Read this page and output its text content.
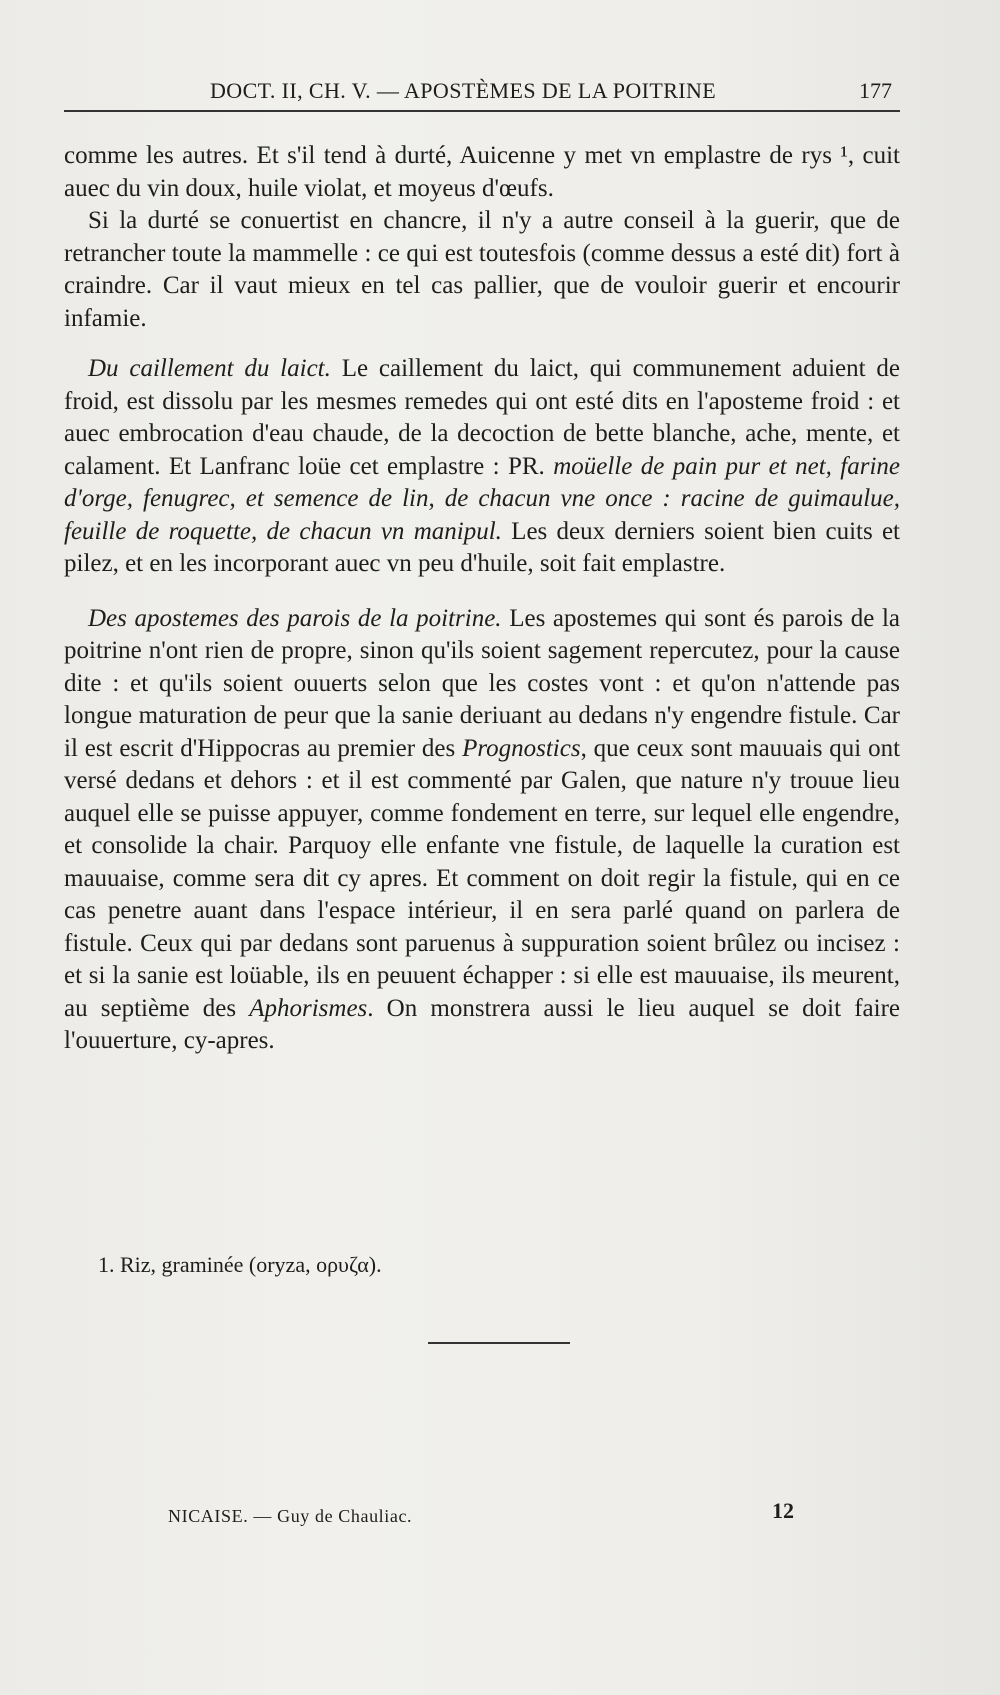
DOCT. II, CH. V. — APOSTÈMES DE LA POITRINE	177

comme les autres. Et s'il tend à durté, Auicenne y met vn emplastre de rys ¹, cuit auec du vin doux, huile violat, et moyeus d'œufs.

Si la durté se conuertist en chancre, il n'y a autre conseil à la guerir, que de retrancher toute la mammelle : ce qui est toutesfois (comme dessus a esté dit) fort à craindre. Car il vaut mieux en tel cas pallier, que de vouloir guerir et encourir infamie.

Du caillement du laict. Le caillement du laict, qui communement aduient de froid, est dissolu par les mesmes remedes qui ont esté dits en l'aposteme froid : et auec embrocation d'eau chaude, de la decoction de bette blanche, ache, mente, et calament. Et Lanfranc loüe cet emplastre : PR. moüelle de pain pur et net, farine d'orge, fenugrec, et semence de lin, de chacun vne once : racine de guimaulue, feuille de roquette, de chacun vn manipul. Les deux derniers soient bien cuits et pilez, et en les incorporant auec vn peu d'huile, soit fait emplastre.

Des apostemes des parois de la poitrine. Les apostemes qui sont és parois de la poitrine n'ont rien de propre, sinon qu'ils soient sagement repercutez, pour la cause dite : et qu'ils soient ouuerts selon que les costes vont : et qu'on n'attende pas longue maturation de peur que la sanie deriuant au dedans n'y engendre fistule. Car il est escrit d'Hippocras au premier des Prognostics, que ceux sont mauuais qui ont versé dedans et dehors : et il est commenté par Galen, que nature n'y trouue lieu auquel elle se puisse appuyer, comme fondement en terre, sur lequel elle engendre, et consolide la chair. Parquoy elle enfante vne fistule, de laquelle la curation est mauuaise, comme sera dit cy apres. Et comment on doit regir la fistule, qui en ce cas penetre auant dans l'espace intérieur, il en sera parlé quand on parlera de fistule. Ceux qui par dedans sont paruenus à suppuration soient brûlez ou incisez : et si la sanie est loüable, ils en peuuent échapper : si elle est mauuaise, ils meurent, au septième des Aphorismes. On monstrera aussi le lieu auquel se doit faire l'ouuerture, cy-apres.

1. Riz, graminée (oryza, ορυζα).
NICAISE. — Guy de Chauliac.	12
